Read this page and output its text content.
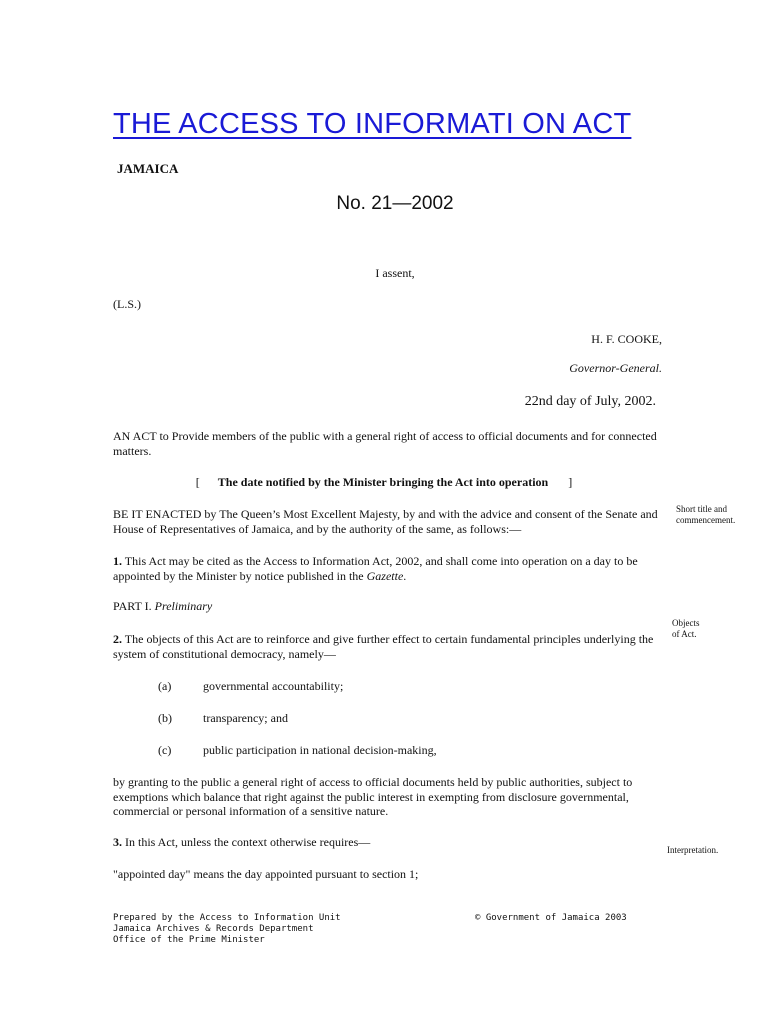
THE ACCESS TO INFORMATI ON ACT
JAMAICA
No. 21—2002
I assent,
(L.S.)
H. F. COOKE,
Governor-General.
22nd day of July, 2002.
AN ACT to Provide members of the public with a general right of access to official documents and for connected matters.
[ The date notified by the Minister bringing the Act into operation ]
BE IT ENACTED by The Queen’s Most Excellent Majesty, by and with the advice and consent of the Senate and House of Representatives of Jamaica, and by the authority of the same, as follows:—
Short title and commencement.
1. This Act may be cited as the Access to Information Act, 2002, and shall come into operation on a day to be appointed by the Minister by notice published in the Gazette.
PART I. Preliminary
Objects
of Act.
2. The objects of this Act are to reinforce and give further effect to certain fundamental principles underlying the system of constitutional democracy, namely—
(a)	governmental accountability;
(b)	transparency; and
(c)	public participation in national decision-making,
by granting to the public a general right of access to official documents held by public authorities, subject to exemptions which balance that right against the public interest in exempting from disclosure governmental, commercial or personal information of a sensitive nature.
3. In this Act, unless the context otherwise requires—
Interpretation.
"appointed day" means the day appointed pursuant to section 1;
Prepared by the Access to Information Unit
Jamaica Archives & Records Department
Office of the Prime Minister
© Government of Jamaica 2003
